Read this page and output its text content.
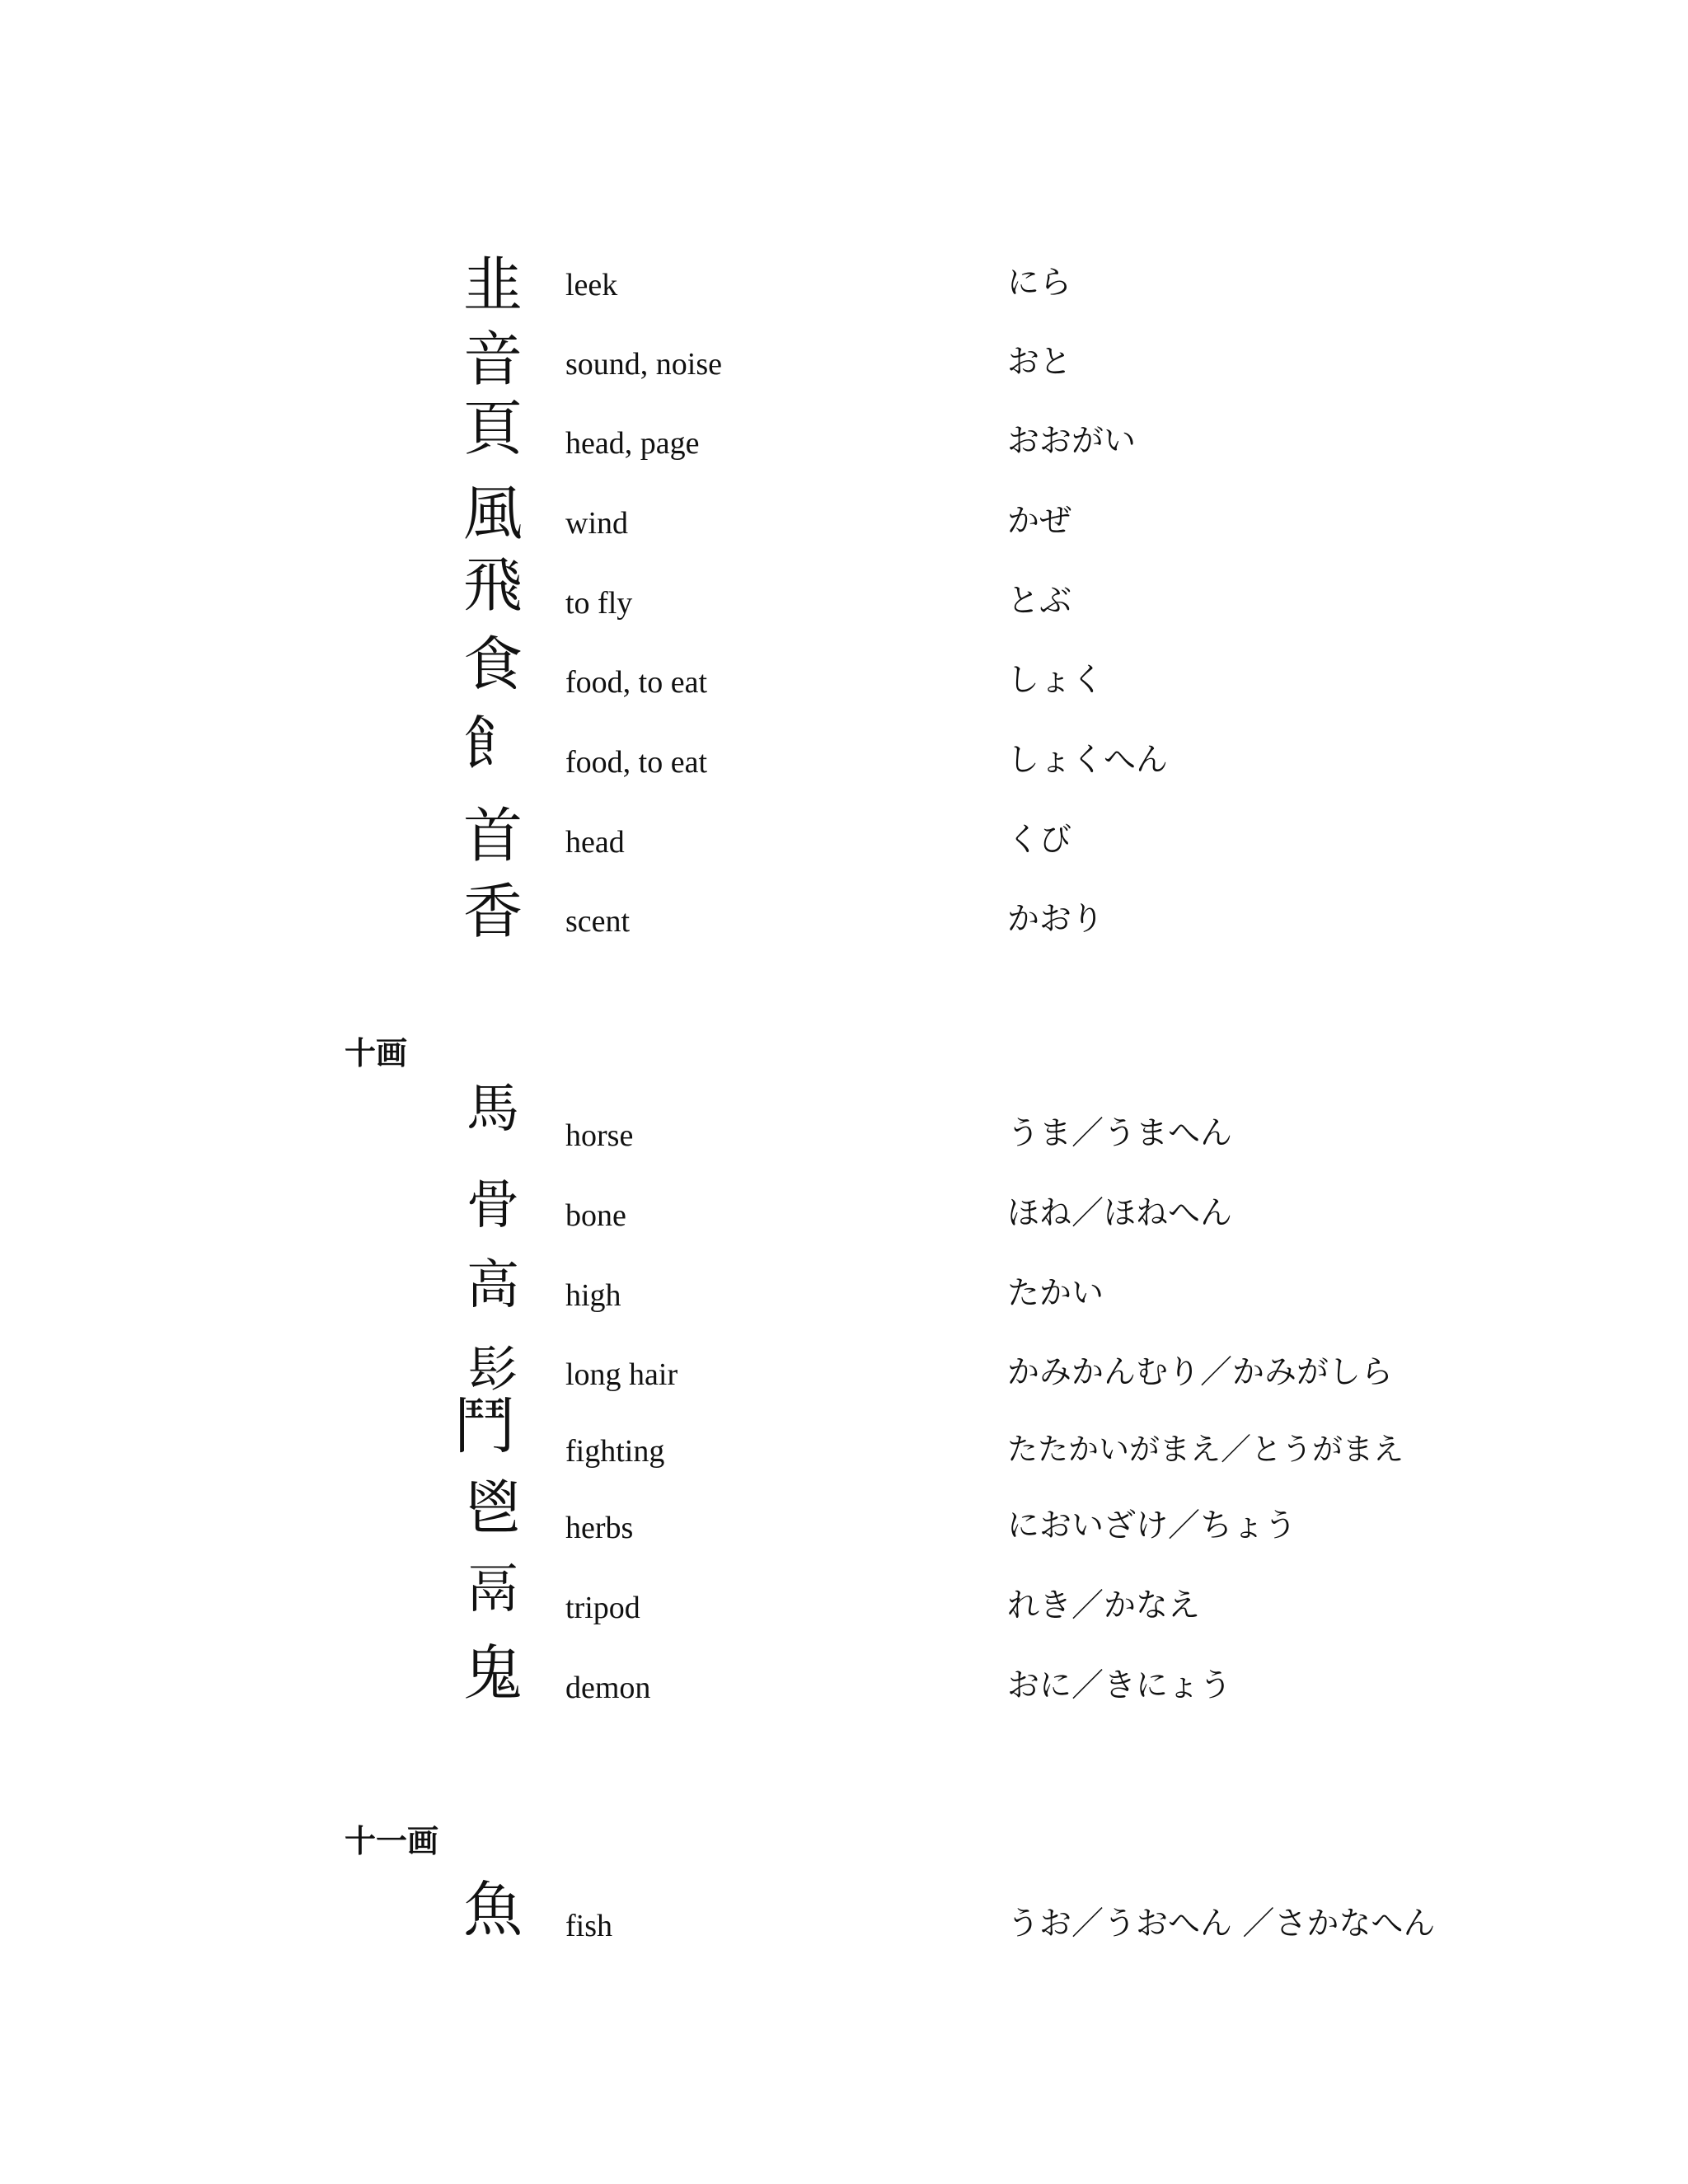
韭	leek	にら
音	sound, noise	おと
頁	head, page	おおがい
風	wind	かぜ
飛	to fly	とぶ
食	food, to eat	しょく
飠	food, to eat	しょくへん
首	head	くび
香	scent	かおり
十画
馬	horse	うま／うまへん
骨	bone	ほね／ほねへん
高	high	たかい
髟	long hair	かみかんむり／かみがしら
鬥	fighting	たたかいがまえ／とうがまえ
鬯	herbs	においざけ／ちょう
鬲	tripod	れき／かなえ
鬼	demon	おに／きにょう
十一画
魚	fish	うお／うおへん ／さかなへん
